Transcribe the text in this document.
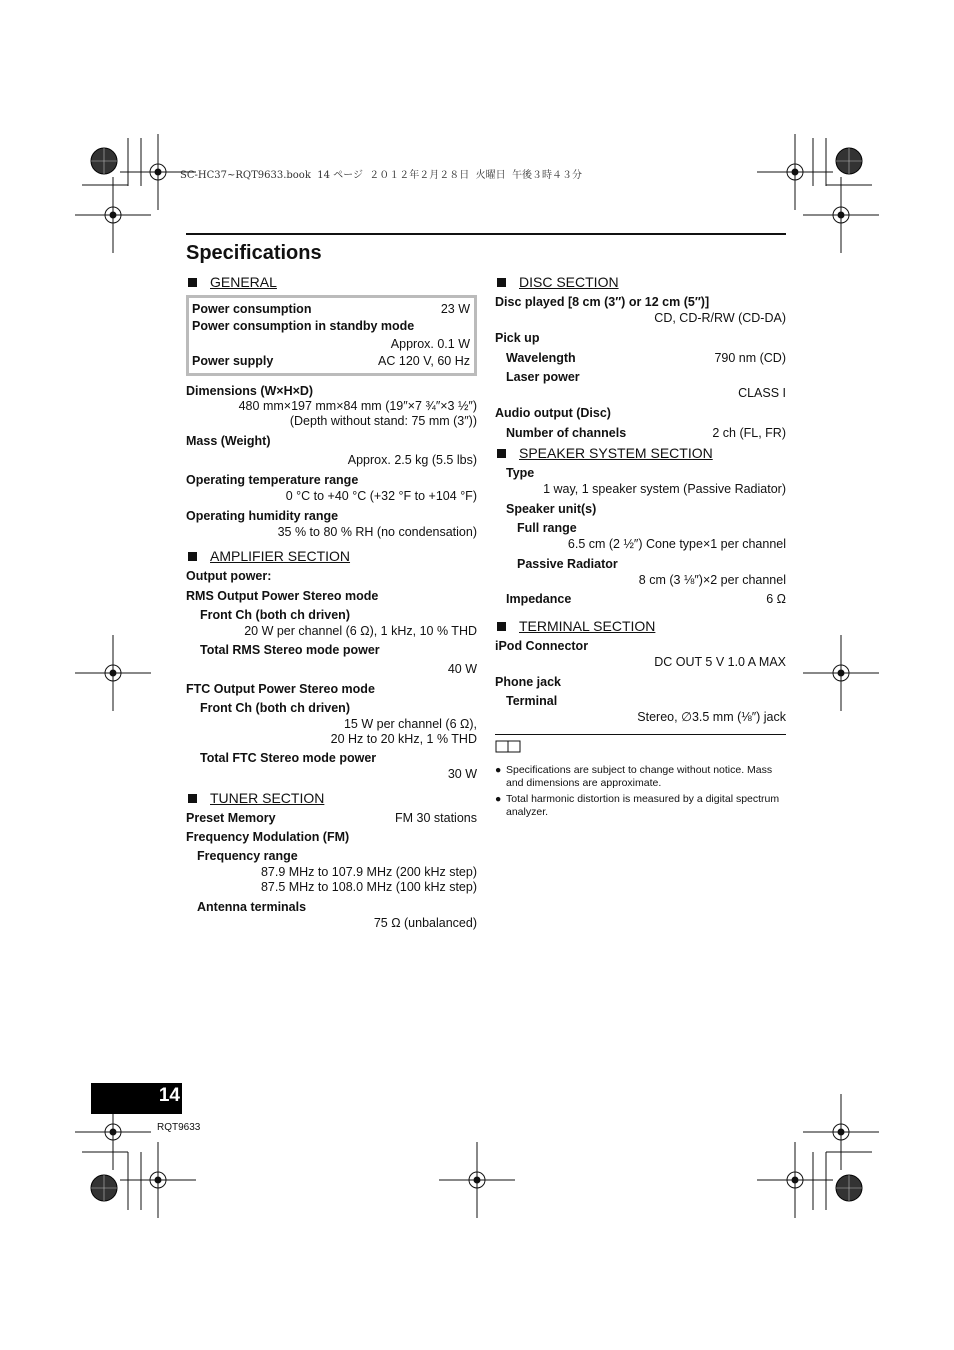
SC-HC37~RQT9633.book  14 ページ  ２０１２年２月２８日  火曜日  午後３時４３分
Specifications
GENERAL
Power consumption	23 W
Power consumption in standby mode
Approx. 0.1 W
Power supply	AC 120 V, 60 Hz
Dimensions (W×H×D)
480 mm×197 mm×84 mm (19″×7 ¾″×3 ½″)
(Depth without stand: 75 mm (3″))
Mass (Weight)
Approx. 2.5 kg (5.5 lbs)
Operating temperature range
0 °C to +40 °C (+32 °F to +104 °F)
Operating humidity range
35 % to 80 % RH (no condensation)
AMPLIFIER SECTION
Output power:
RMS Output Power Stereo mode
Front Ch (both ch driven)
20 W per channel (6 Ω), 1 kHz, 10 % THD
Total RMS Stereo mode power
40 W
FTC Output Power Stereo mode
Front Ch (both ch driven)
15 W per channel (6 Ω),
20 Hz to 20 kHz, 1 % THD
Total FTC Stereo mode power
30 W
TUNER SECTION
Preset Memory	FM 30 stations
Frequency Modulation (FM)
Frequency range
87.9 MHz to 107.9 MHz (200 kHz step)
87.5 MHz to 108.0 MHz (100 kHz step)
Antenna terminals
75 Ω (unbalanced)
DISC SECTION
Disc played [8 cm (3″) or 12 cm (5″)]
CD, CD-R/RW (CD-DA)
Pick up
Wavelength	790 nm (CD)
Laser power
CLASS I
Audio output (Disc)
Number of channels	2 ch (FL, FR)
SPEAKER SYSTEM SECTION
Type
1 way, 1 speaker system (Passive Radiator)
Speaker unit(s)
Full range
6.5 cm (2 ½″) Cone type×1 per channel
Passive Radiator
8 cm (3 ⅛″)×2 per channel
Impedance	6 Ω
TERMINAL SECTION
iPod Connector
DC OUT 5 V 1.0 A MAX
Phone jack
Terminal
Stereo, ∅3.5 mm (⅛″) jack
● Specifications are subject to change without notice. Mass and dimensions are approximate.
● Total harmonic distortion is measured by a digital spectrum analyzer.
14
RQT9633
